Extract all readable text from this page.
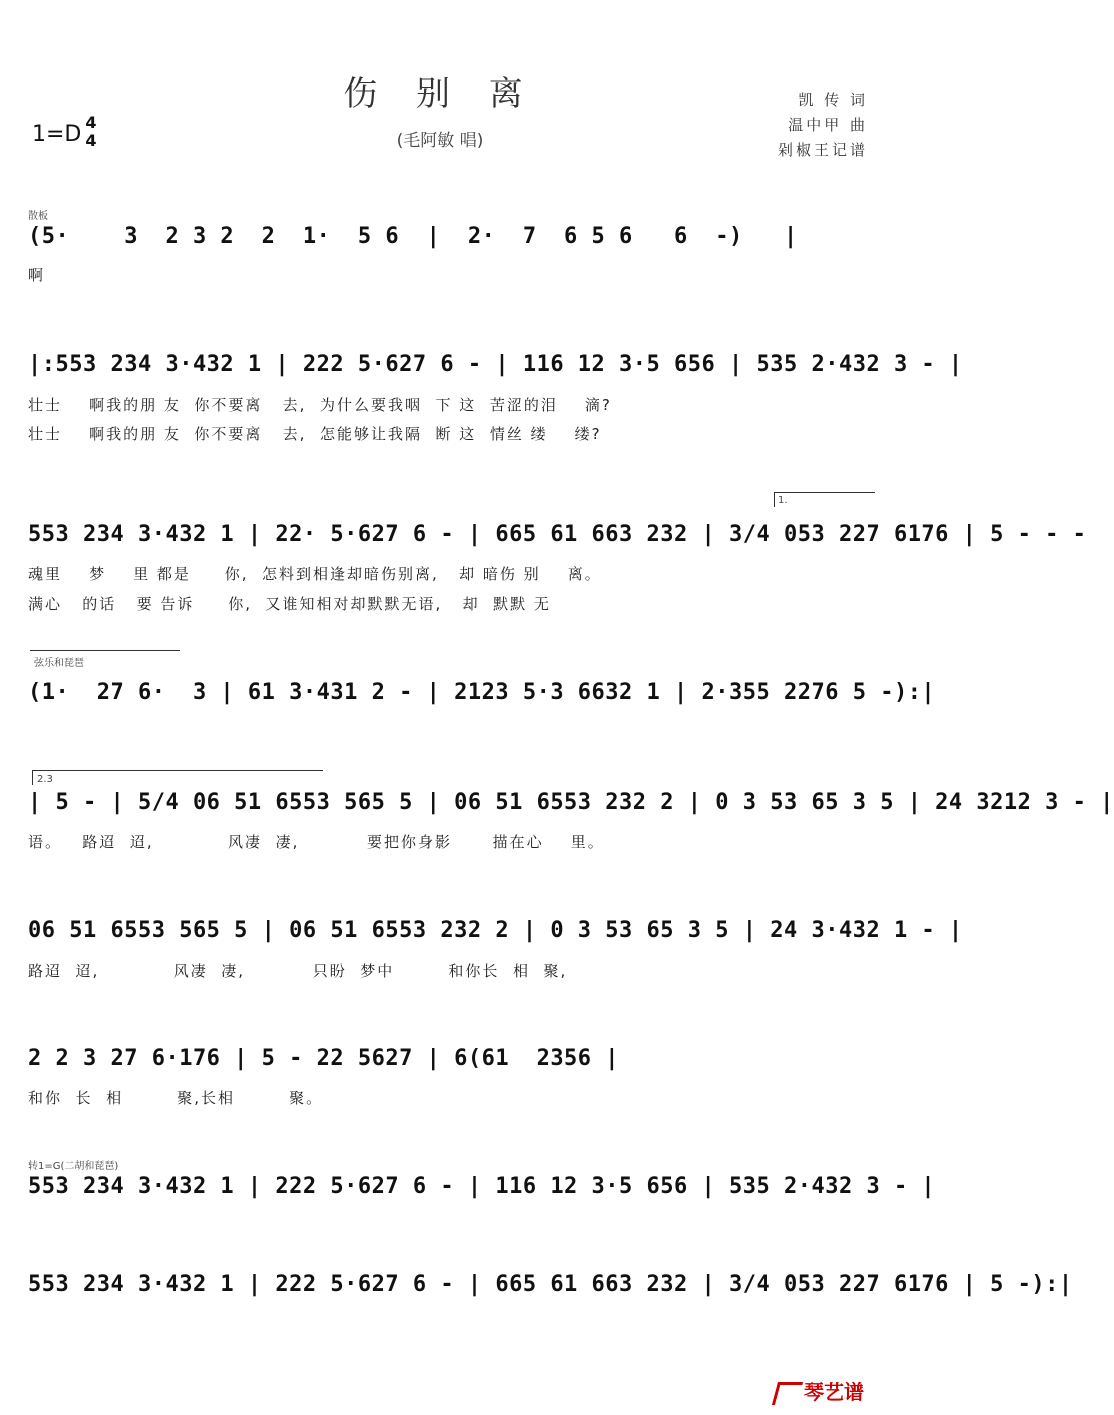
伤 别 离
(毛阿敏 唱)
1=D 4
4
凯 传 词
温中甲 曲
剁椒王记谱
散板
(5·    3  2 3 2  2  1·  5 6  |  2·  7  6 5 6   6  -)   |
啊
|:553 234 3·432 1 | 222 5·627 6 - | 116 12 3·5 656 | 535 2·432 3 - |
壮士    啊我的朋 友  你不要离   去,  为什么要我咽  下 这  苦涩的泪    滴?
壮士    啊我的朋 友  你不要离   去,  怎能够让我隔  断 这  情丝 缕    缕?
1.
553 234 3·432 1 | 22· 5·627 6 - | 665 61 663 232 | 3/4 053 227 6176 | 5 - - -
魂里    梦    里 都是     你,  怎料到相逢却暗伤别离,   却 暗伤 别    离。
满心   的话   要 告诉     你,  又谁知相对却默默无语,   却  默默 无
弦乐和琵琶
(1·  27 6·  3 | 61 3·431 2 - | 2123 5·3 6632 1 | 2·355 2276 5 -):|
2.3
| 5 - | 5/4 06 51 6553 565 5 | 06 51 6553 232 2 | 0 3 53 65 3 5 | 24 3212 3 - |
语。   路迢  迢,           风凄  凄,          要把你身影      描在心    里。
06 51 6553 565 5 | 06 51 6553 232 2 | 0 3 53 65 3 5 | 24 3·432 1 - |
路迢  迢,           风凄  凄,          只盼  梦中        和你长  相  聚,
2 2 3 27 6·176 | 5 - 22 5627 | 6(61  2356 |
和你  长  相        聚,长相        聚。
转1=G(二胡和琵琶)
553 234 3·432 1 | 222 5·627 6 - | 116 12 3·5 656 | 535 2·432 3 - |
553 234 3·432 1 | 222 5·627 6 - | 665 61 663 232 | 3/4 053 227 6176 | 5 -):|
琴艺谱
